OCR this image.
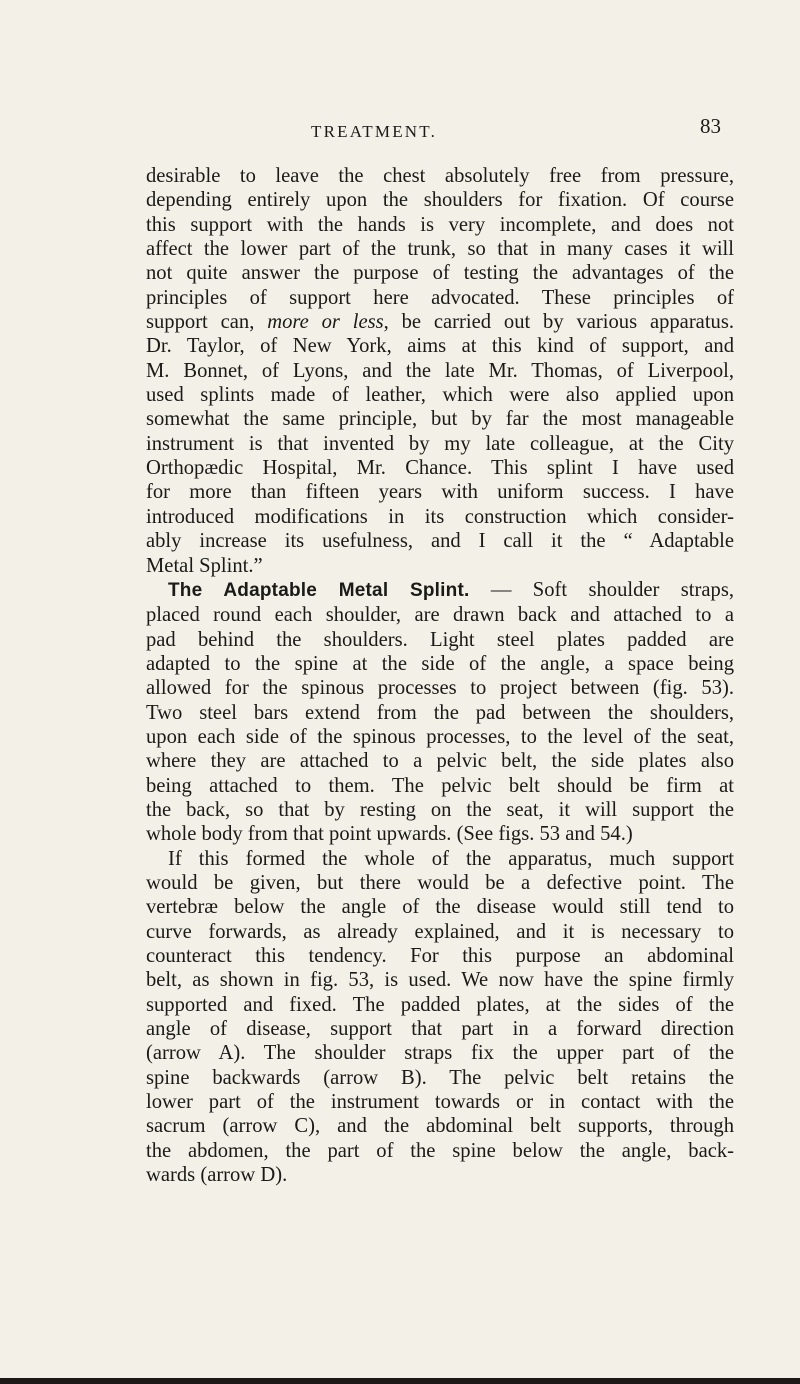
TREATMENT.	83
desirable to leave the chest absolutely free from pressure,
depending entirely upon the shoulders for fixation. Of course
this support with the hands is very incomplete, and does not
affect the lower part of the trunk, so that in many cases it will
not quite answer the purpose of testing the advantages of the
principles of support here advocated. These principles of
support can, more or less, be carried out by various apparatus.
Dr. Taylor, of New York, aims at this kind of support, and
M. Bonnet, of Lyons, and the late Mr. Thomas, of Liverpool,
used splints made of leather, which were also applied upon
somewhat the same principle, but by far the most manageable
instrument is that invented by my late colleague, at the City
Orthopædic Hospital, Mr. Chance. This splint I have used
for more than fifteen years with uniform success. I have
introduced modifications in its construction which consider-
ably increase its usefulness, and I call it the “ Adaptable
Metal Splint.”
The Adaptable Metal Splint. — Soft shoulder straps,
placed round each shoulder, are drawn back and attached to a
pad behind the shoulders. Light steel plates padded are
adapted to the spine at the side of the angle, a space being
allowed for the spinous processes to project between (fig. 53).
Two steel bars extend from the pad between the shoulders,
upon each side of the spinous processes, to the level of the seat,
where they are attached to a pelvic belt, the side plates also
being attached to them. The pelvic belt should be firm at
the back, so that by resting on the seat, it will support the
whole body from that point upwards. (See figs. 53 and 54.)
If this formed the whole of the apparatus, much support
would be given, but there would be a defective point. The
vertebræ below the angle of the disease would still tend to
curve forwards, as already explained, and it is necessary to
counteract this tendency. For this purpose an abdominal
belt, as shown in fig. 53, is used. We now have the spine firmly
supported and fixed. The padded plates, at the sides of the
angle of disease, support that part in a forward direction
(arrow A). The shoulder straps fix the upper part of the
spine backwards (arrow B). The pelvic belt retains the
lower part of the instrument towards or in contact with the
sacrum (arrow C), and the abdominal belt supports, through
the abdomen, the part of the spine below the angle, back-
wards (arrow D).
